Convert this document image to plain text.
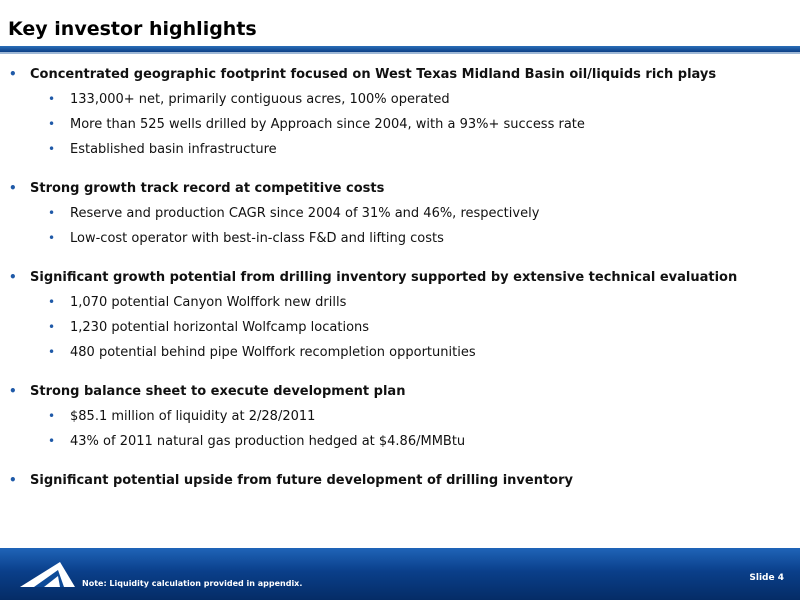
Key investor highlights
• Concentrated geographic footprint focused on West Texas Midland Basin oil/liquids rich plays
• 133,000+ net, primarily contiguous acres, 100% operated
• More than 525 wells drilled by Approach since 2004, with a 93%+ success rate
• Established basin infrastructure
• Strong growth track record at competitive costs
• Reserve and production CAGR since 2004 of 31% and 46%, respectively
• Low-cost operator with best-in-class F&D and lifting costs
• Significant growth potential from drilling inventory supported by extensive technical evaluation
• 1,070 potential Canyon Wolffork new drills
• 1,230 potential horizontal Wolfcamp locations
• 480 potential behind pipe Wolffork recompletion opportunities
• Strong balance sheet to execute development plan
• $85.1 million of liquidity at 2/28/2011
• 43% of 2011 natural gas production hedged at $4.86/MMBtu
• Significant potential upside from future development of drilling inventory
Note: Liquidity calculation provided in appendix.
Slide 4
